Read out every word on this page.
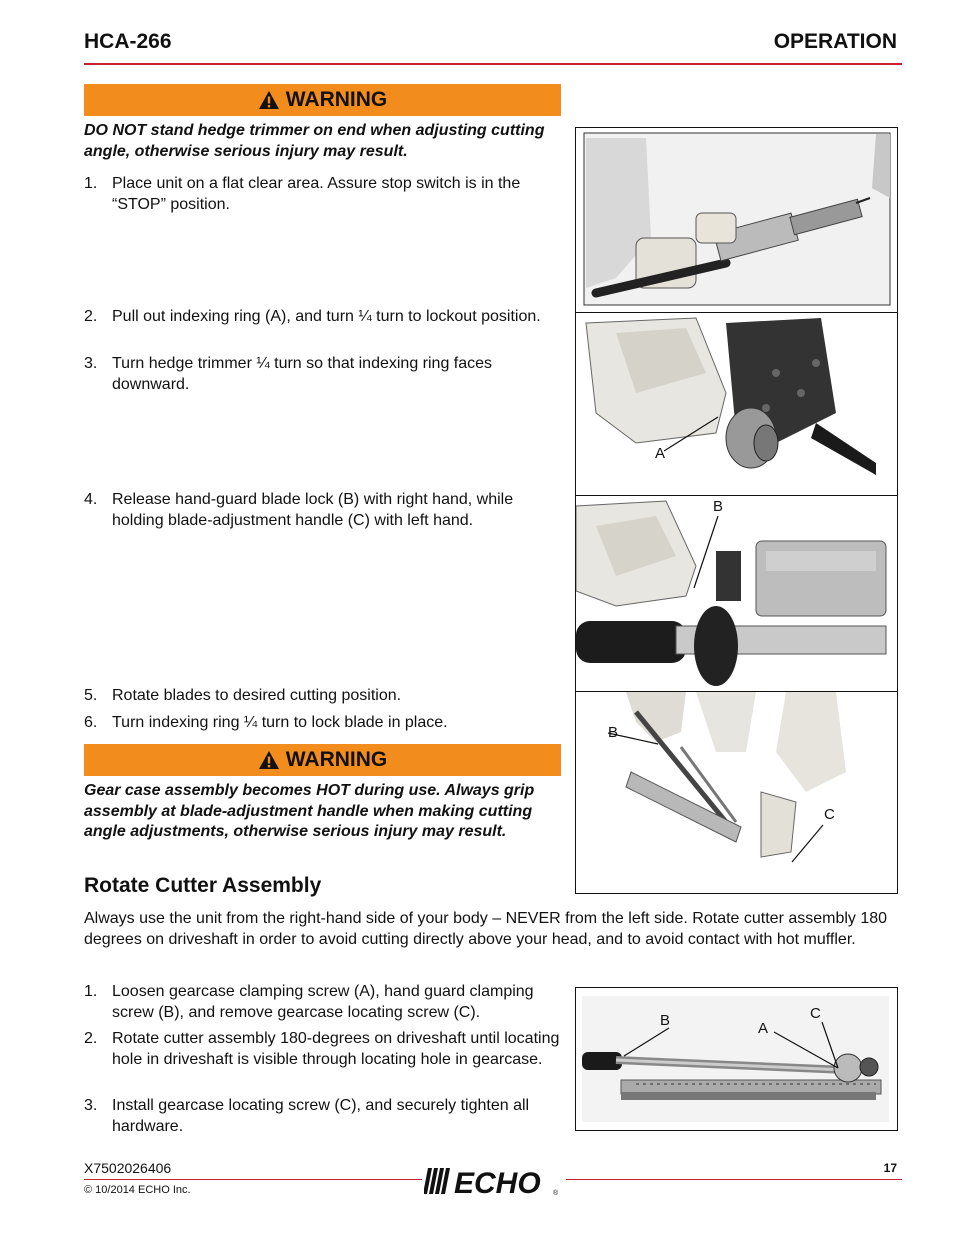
HCA-266	OPERATION
WARNING
DO NOT stand hedge trimmer on end when adjusting cutting angle, otherwise serious injury may result.
1. Place unit on a flat clear area. Assure stop switch is in the “STOP” position.
2. Pull out indexing ring (A), and turn ¼ turn to lockout position.
3. Turn hedge trimmer ¼ turn so that indexing ring faces downward.
4. Release hand-guard blade lock (B) with right hand, while holding blade-adjustment handle (C) with left hand.
5. Rotate blades to desired cutting position.
6. Turn indexing ring ¼ turn to lock blade in place.
WARNING
Gear case assembly becomes HOT during use. Always grip assembly at blade-adjustment handle when making cutting angle adjustments, otherwise serious injury may result.
Rotate Cutter Assembly
Always use the unit from the right-hand side of your body – NEVER from the left side. Rotate cutter assembly 180 degrees on driveshaft in order to avoid cutting directly above your head, and to avoid contact with hot muffler.
1. Loosen gearcase clamping screw (A), hand guard clamping screw (B), and remove gearcase locating screw (C).
2. Rotate cutter assembly 180-degrees on driveshaft until locating hole in driveshaft is visible through locating hole in gearcase.
3. Install gearcase locating screw (C), and securely tighten all hardware.
A
B
B
C
B	A
C
X7502026406	ECHO ®
17
© 10/2014 ECHO Inc.
